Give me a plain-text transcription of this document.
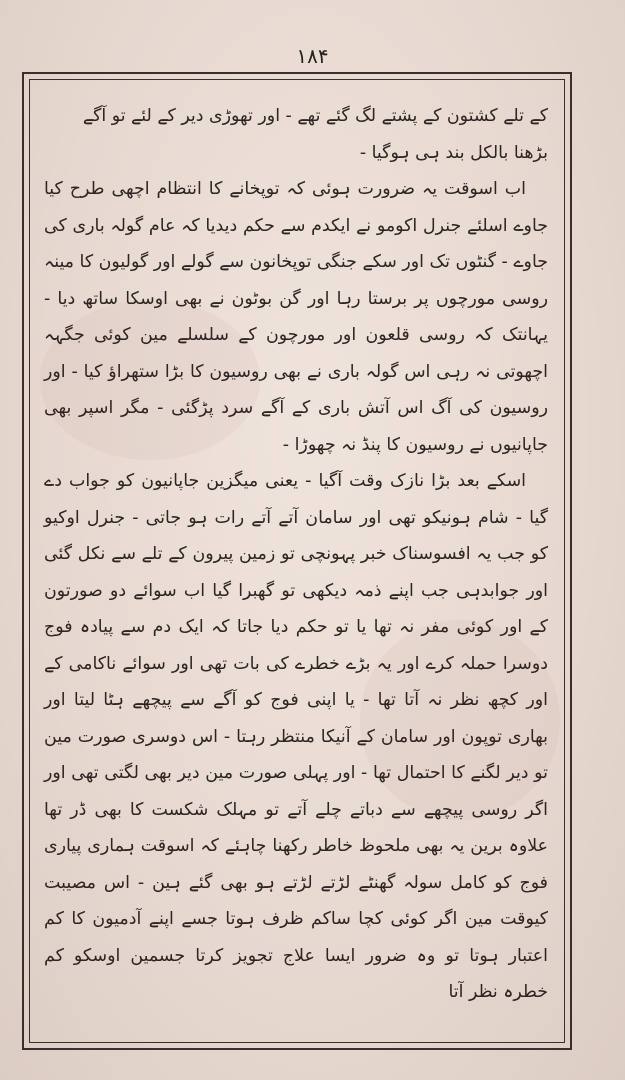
۱۸۴

کے تلے کشتون کے پشتے لگ گئے تھے - اور تھوڑی دیر کے لئے تو آگے بڑھنا بالکل بند ہی ہوگیا -

اب اسوقت یہ ضرورت ہوئی کہ توپخانے کا انتظام اچھی طرح کیا جاوے اسلئے جنرل اکومو نے ایکدم سے حکم دیدیا کہ عام گولہ باری کی جاوے - گنٹوں تک اور سکے جنگی توپخانون سے گولے اور گولیون کا مینہ روسی مورچوں پر برستا رہا اور گن بوٹون نے بھی اوسکا ساتھ دیا - یہانتک کہ روسی قلعون اور مورچون کے سلسلے مین کوئی جگہہ اچھوتی نہ رہی اس گولہ باری نے بھی روسیون کا بڑا ستھراؤ کیا - اور روسیون کی آگ اس آتش باری کے آگے سرد پڑگئی - مگر اسپر بھی جاپانیوں نے روسیون کا پنڈ نہ چھوڑا -

اسکے بعد بڑا نازک وقت آگیا - یعنی میگزین جاپانیون کو جواب دے گیا - شام ہونیکو تھی اور سامان آتے آتے رات ہو جاتی - جنرل اوکیو کو جب یہ افسوسناک خبر پہونچی تو زمین پیرون کے تلے سے نکل گئی اور جوابدہی جب اپنے ذمہ دیکھی تو گھبرا گیا اب سوائے دو صورتون کے اور کوئی مفر نہ تھا یا تو حکم دیا جاتا کہ ایک دم سے پیادہ فوج دوسرا حملہ کرے اور یہ بڑے خطرے کی بات تھی اور سوائے ناکامی کے اور کچھ نظر نہ آتا تھا - یا اپنی فوج کو آگے سے پیچھے ہٹا لیتا اور بھاری توپون اور سامان کے آنیکا منتظر رہتا - اس دوسری صورت مین تو دیر لگنے کا احتمال تھا - اور پہلی صورت مین دیر بھی لگتی تھی اور اگر روسی پیچھے سے دباتے چلے آتے تو مہلک شکست کا بھی ڈر تھا علاوہ برین یہ بھی ملحوظ خاطر رکھنا چاہئے کہ اسوقت ہماری پیاری فوج کو کامل سولہ گھنٹے لڑتے لڑتے ہو بھی گئے ہین - اس مصیبت کیوقت مین اگر کوئی کچا ساکم ظرف ہوتا جسے اپنے آدمیون کا کم اعتبار ہوتا تو وہ ضرور ایسا علاج تجویز کرتا جسمین اوسکو کم خطرہ نظر آتا
